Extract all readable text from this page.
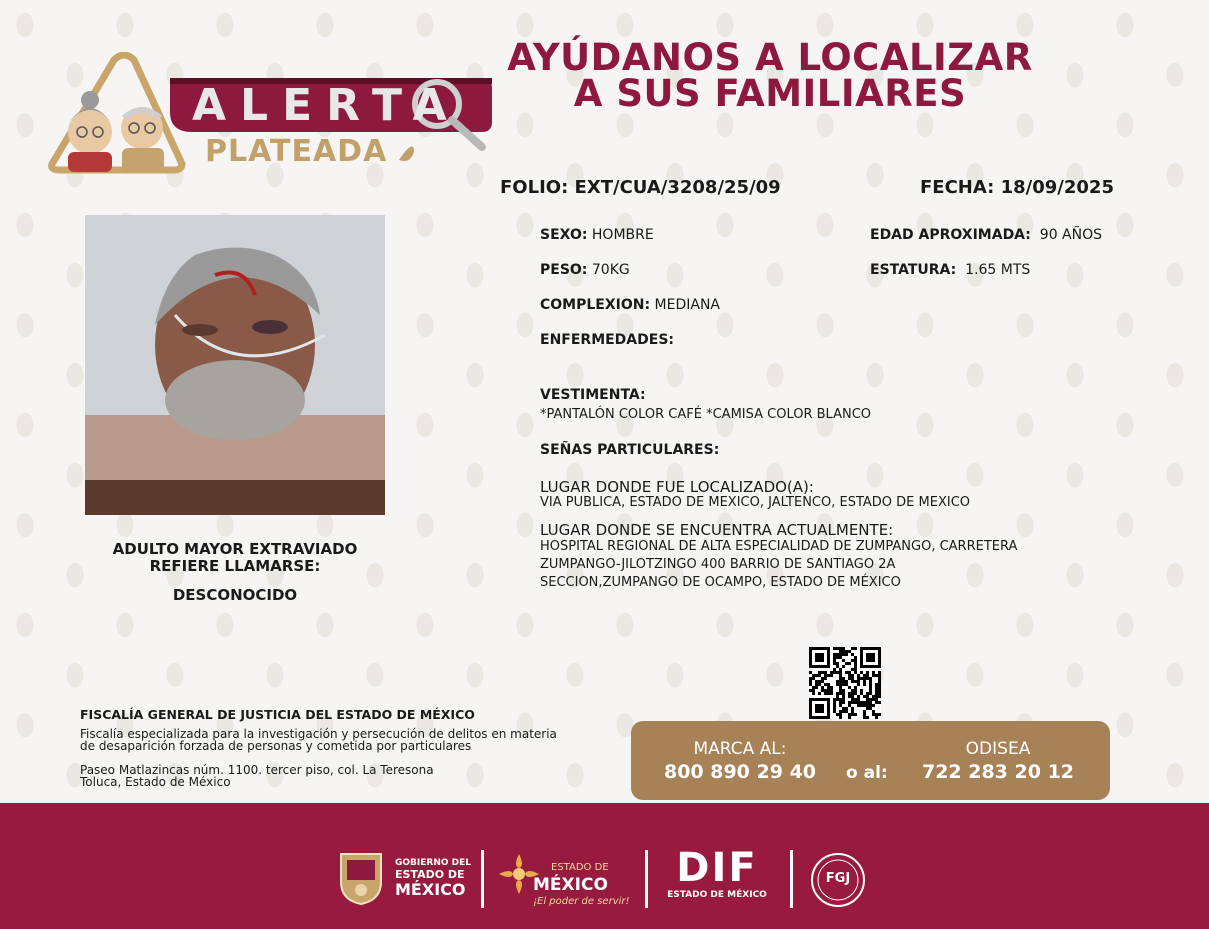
ALERTA
PLATEADA
AYÚDANOS A LOCALIZAR
A SUS FAMILIARES
FOLIO: EXT/CUA/3208/25/09	FECHA: 18/09/2025
ADULTO MAYOR EXTRAVIADO
REFIERE LLAMARSE:
DESCONOCIDO
SEXO: HOMBRE	EDAD APROXIMADA: 90 AÑOS
PESO: 70KG	ESTATURA: 1.65 MTS
COMPLEXION: MEDIANA
ENFERMEDADES:
VESTIMENTA:
*PANTALÓN COLOR CAFÉ *CAMISA COLOR BLANCO
SEÑAS PARTICULARES:
LUGAR DONDE FUE LOCALIZADO(A):
VIA PUBLICA, ESTADO DE MEXICO, JALTENCO, ESTADO DE MEXICO
LUGAR DONDE SE ENCUENTRA ACTUALMENTE:
HOSPITAL REGIONAL DE ALTA ESPECIALIDAD DE ZUMPANGO, CARRETERA
ZUMPANGO-JILOTZINGO 400 BARRIO DE SANTIAGO 2A
SECCION,ZUMPANGO DE OCAMPO, ESTADO DE MÉXICO
FISCALÍA GENERAL DE JUSTICIA DEL ESTADO DE MÉXICO
Fiscalía especializada para la investigación y persecución de delitos en materia
de desaparición forzada de personas y cometida por particulares
Paseo Matlazincas núm. 1100. tercer piso, col. La Teresona
Toluca, Estado de México
MARCA AL:
800 890 29 40	o al:
ODISEA
722 283 20 12
GOBIERNO DEL
ESTADO DE
MÉXICO
ESTADO DE
MÉXICO
¡El poder de servir!
DIF
ESTADO DE MÉXICO
FGJ
